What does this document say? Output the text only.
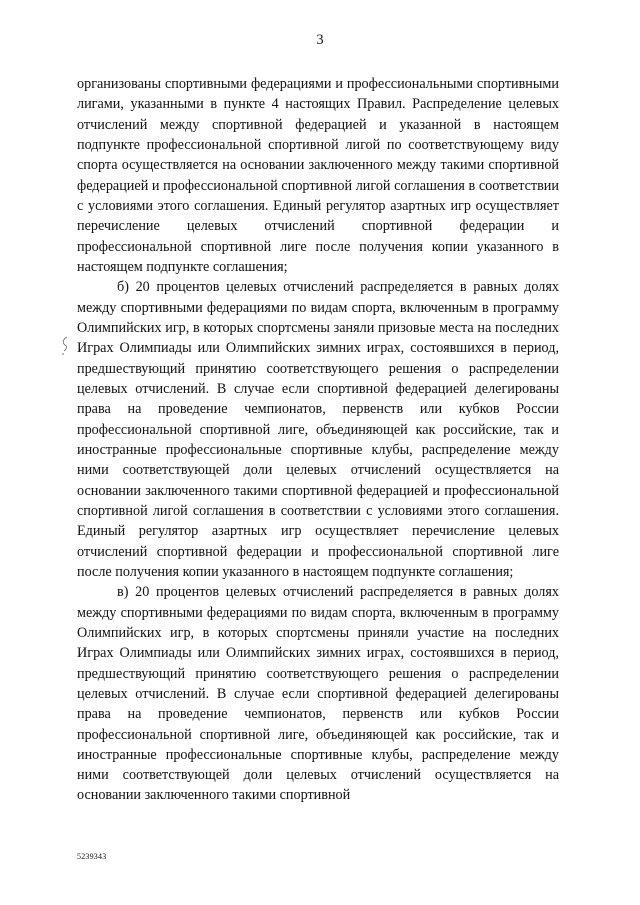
3

организованы спортивными федерациями и профессиональными спортивными лигами, указанными в пункте 4 настоящих Правил. Распределение целевых отчислений между спортивной федерацией и указанной в настоящем подпункте профессиональной спортивной лигой по соответствующему виду спорта осуществляется на основании заключенного между такими спортивной федерацией и профессиональной спортивной лигой соглашения в соответствии с условиями этого соглашения. Единый регулятор азартных игр осуществляет перечисление целевых отчислений спортивной федерации и профессиональной спортивной лиге после получения копии указанного в настоящем подпункте соглашения;

б) 20 процентов целевых отчислений распределяется в равных долях между спортивными федерациями по видам спорта, включенным в программу Олимпийских игр, в которых спортсмены заняли призовые места на последних Играх Олимпиады или Олимпийских зимних играх, состоявшихся в период, предшествующий принятию соответствующего решения о распределении целевых отчислений. В случае если спортивной федерацией делегированы права на проведение чемпионатов, первенств или кубков России профессиональной спортивной лиге, объединяющей как российские, так и иностранные профессиональные спортивные клубы, распределение между ними соответствующей доли целевых отчислений осуществляется на основании заключенного такими спортивной федерацией и профессиональной спортивной лигой соглашения в соответствии с условиями этого соглашения. Единый регулятор азартных игр осуществляет перечисление целевых отчислений спортивной федерации и профессиональной спортивной лиге после получения копии указанного в настоящем подпункте соглашения;

в) 20 процентов целевых отчислений распределяется в равных долях между спортивными федерациями по видам спорта, включенным в программу Олимпийских игр, в которых спортсмены приняли участие на последних Играх Олимпиады или Олимпийских зимних играх, состоявшихся в период, предшествующий принятию соответствующего решения о распределении целевых отчислений. В случае если спортивной федерацией делегированы права на проведение чемпионатов, первенств или кубков России профессиональной спортивной лиге, объединяющей как российские, так и иностранные профессиональные спортивные клубы, распределение между ними соответствующей доли целевых отчислений осуществляется на основании заключенного такими спортивной

5239343
